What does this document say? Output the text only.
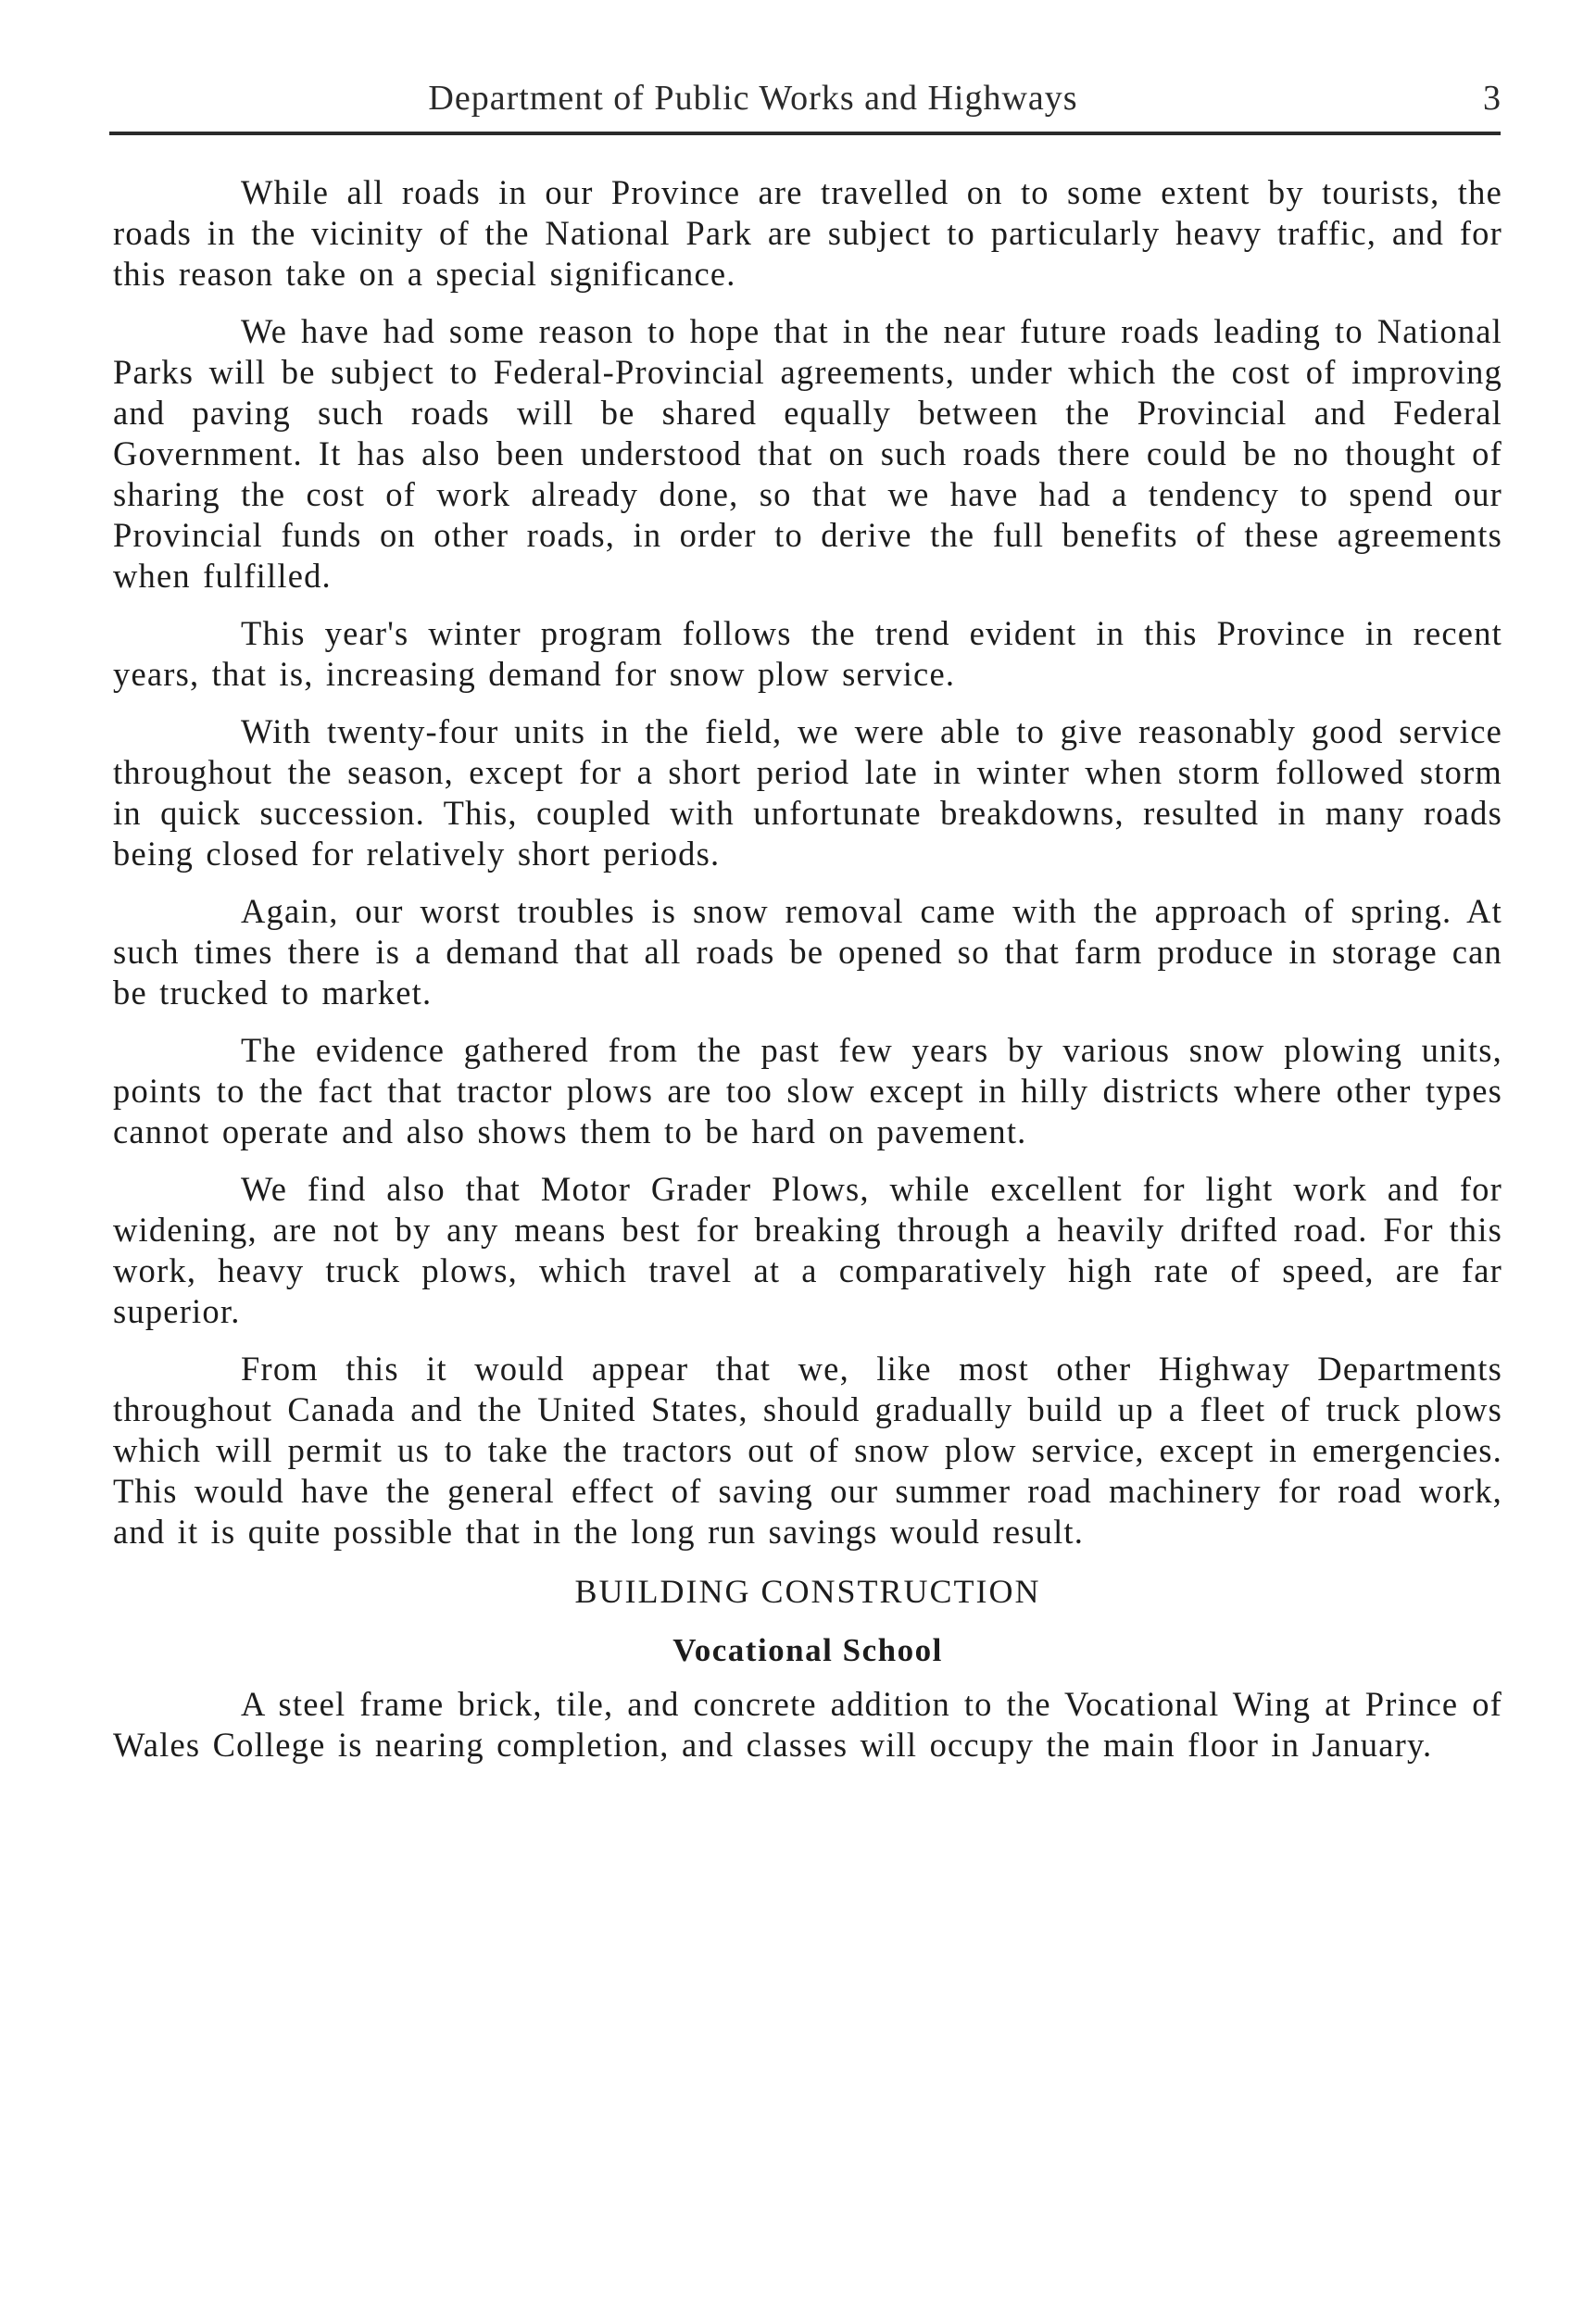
Department of Public Works and Highways	3

While all roads in our Province are travelled on to some extent by tourists, the roads in the vicinity of the National Park are subject to particularly heavy traffic, and for this reason take on a special significance.

We have had some reason to hope that in the near future roads leading to National Parks will be subject to Federal-Provincial agreements, under which the cost of improving and paving such roads will be shared equally between the Provincial and Federal Government. It has also been understood that on such roads there could be no thought of sharing the cost of work already done, so that we have had a tendency to spend our Provincial funds on other roads, in order to derive the full benefits of these agreements when fulfilled.

This year's winter program follows the trend evident in this Province in recent years, that is, increasing demand for snow plow service.

With twenty-four units in the field, we were able to give reasonably good service throughout the season, except for a short period late in winter when storm followed storm in quick succession. This, coupled with unfortunate breakdowns, resulted in many roads being closed for relatively short periods.

Again, our worst troubles is snow removal came with the approach of spring. At such times there is a demand that all roads be opened so that farm produce in storage can be trucked to market.

The evidence gathered from the past few years by various snow plowing units, points to the fact that tractor plows are too slow except in hilly districts where other types cannot operate and also shows them to be hard on pavement.

We find also that Motor Grader Plows, while excellent for light work and for widening, are not by any means best for breaking through a heavily drifted road. For this work, heavy truck plows, which travel at a comparatively high rate of speed, are far superior.

From this it would appear that we, like most other Highway Departments throughout Canada and the United States, should gradually build up a fleet of truck plows which will permit us to take the tractors out of snow plow service, except in emergencies. This would have the general effect of saving our summer road machinery for road work, and it is quite possible that in the long run savings would result.

BUILDING CONSTRUCTION
Vocational School

A steel frame brick, tile, and concrete addition to the Vocational Wing at Prince of Wales College is nearing completion, and classes will occupy the main floor in January.
